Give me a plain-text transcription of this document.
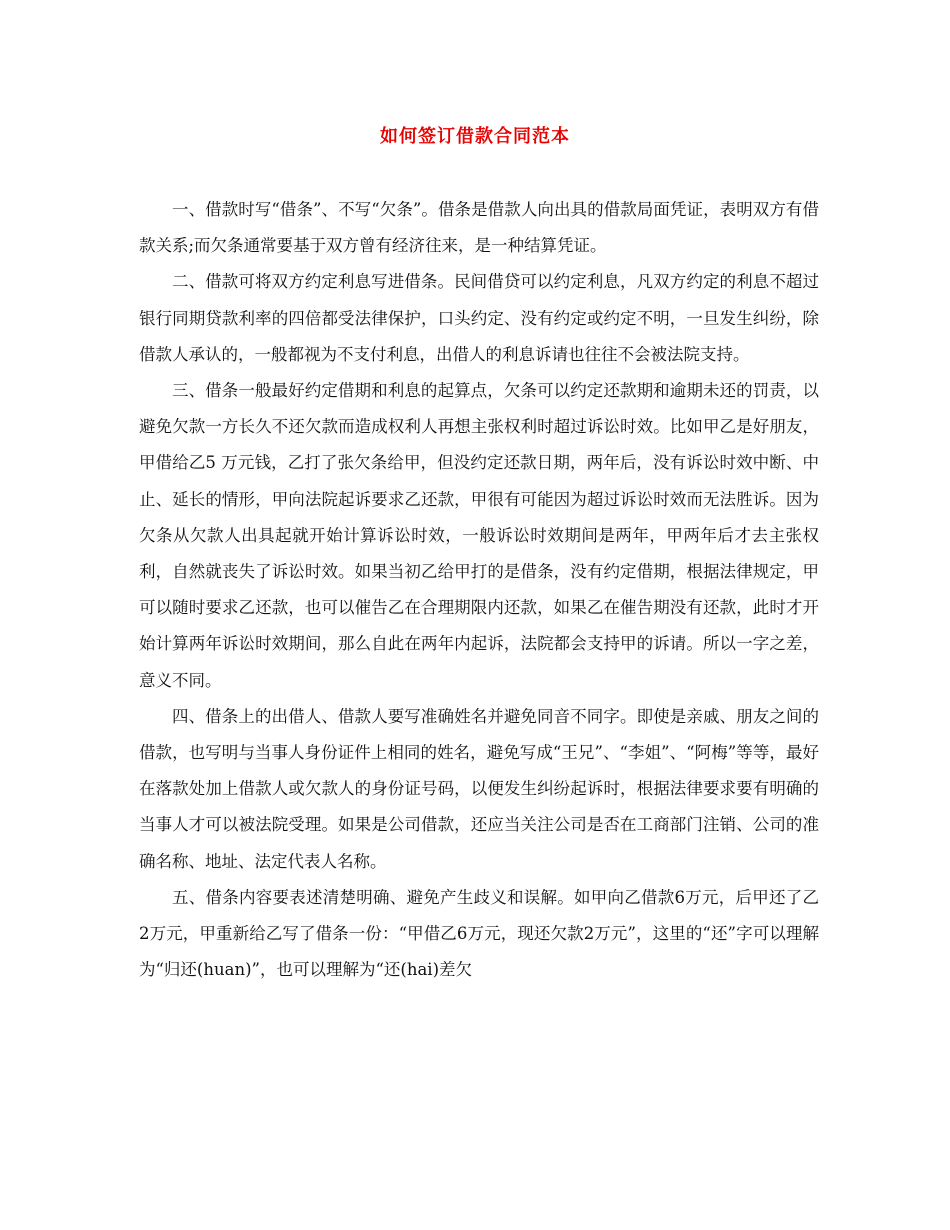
如何签订借款合同范本

一、借款时写“借条”、不写“欠条”。借条是借款人向出具的借款局面凭证，表明双方有借款关系;而欠条通常要基于双方曾有经济往来，是一种结算凭证。

二、借款可将双方约定利息写进借条。民间借贷可以约定利息，凡双方约定的利息不超过银行同期贷款利率的四倍都受法律保护，口头约定、没有约定或约定不明，一旦发生纠纷，除借款人承认的，一般都视为不支付利息，出借人的利息诉请也往往不会被法院支持。

三、借条一般最好约定借期和利息的起算点，欠条可以约定还款期和逾期未还的罚责，以避免欠款一方长久不还欠款而造成权利人再想主张权利时超过诉讼时效。比如甲乙是好朋友，甲借给乙5 万元钱，乙打了张欠条给甲，但没约定还款日期，两年后，没有诉讼时效中断、中止、延长的情形，甲向法院起诉要求乙还款，甲很有可能因为超过诉讼时效而无法胜诉。因为欠条从欠款人出具起就开始计算诉讼时效，一般诉讼时效期间是两年，甲两年后才去主张权利，自然就丧失了诉讼时效。如果当初乙给甲打的是借条，没有约定借期，根据法律规定，甲可以随时要求乙还款，也可以催告乙在合理期限内还款，如果乙在催告期没有还款，此时才开始计算两年诉讼时效期间，那么自此在两年内起诉，法院都会支持甲的诉请。所以一字之差，意义不同。

四、借条上的出借人、借款人要写准确姓名并避免同音不同字。即使是亲戚、朋友之间的借款，也写明与当事人身份证件上相同的姓名，避免写成“王兄”、“李姐”、“阿梅”等等，最好在落款处加上借款人或欠款人的身份证号码，以便发生纠纷起诉时，根据法律要求要有明确的当事人才可以被法院受理。如果是公司借款，还应当关注公司是否在工商部门注销、公司的准确名称、地址、法定代表人名称。

五、借条内容要表述清楚明确、避免产生歧义和误解。如甲向乙借款6万元，后甲还了乙2万元，甲重新给乙写了借条一份：“甲借乙6万元，现还欠款2万元”，这里的“还”字可以理解为“归还(huan)”，也可以理解为“还(hai)差欠
